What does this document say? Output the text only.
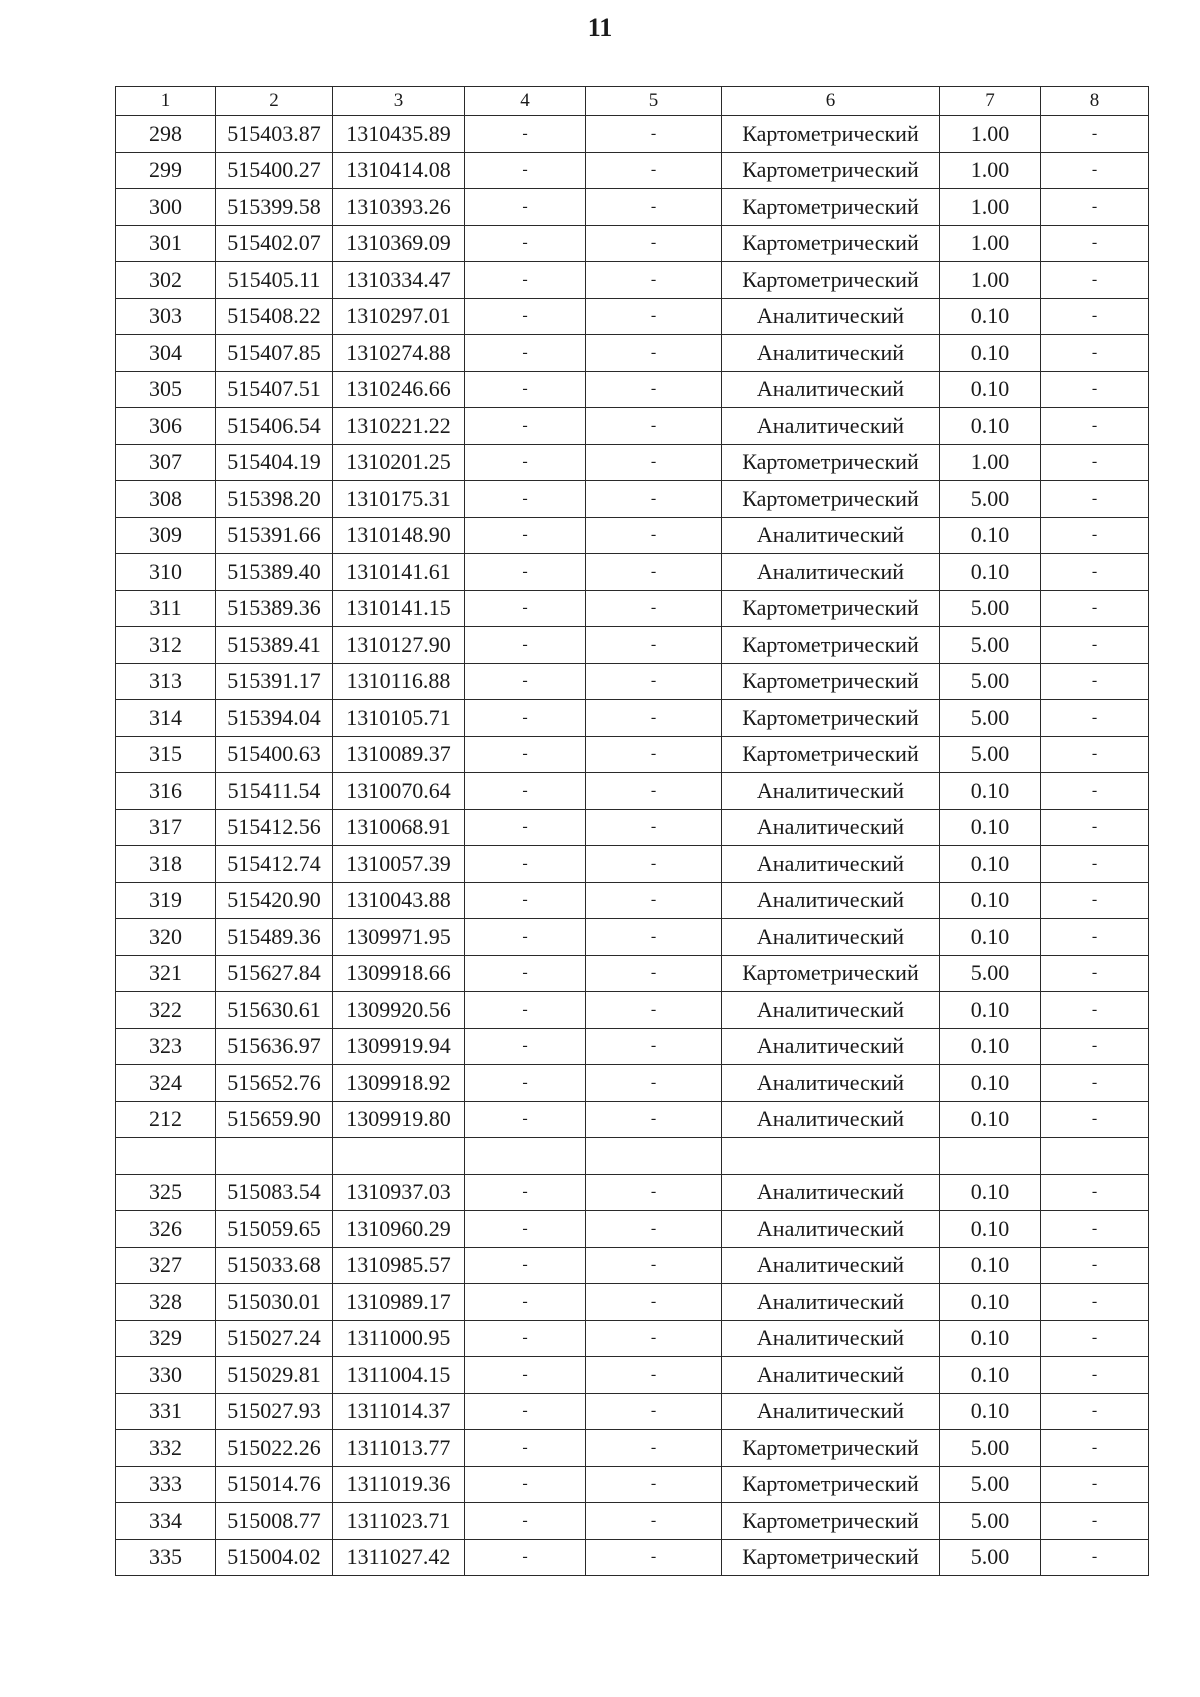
11
1	2	3	4	5	6	7	8
298	515403.87	1310435.89	-	-	Картометрический	1.00	-
299	515400.27	1310414.08	-	-	Картометрический	1.00	-
300	515399.58	1310393.26	-	-	Картометрический	1.00	-
301	515402.07	1310369.09	-	-	Картометрический	1.00	-
302	515405.11	1310334.47	-	-	Картометрический	1.00	-
303	515408.22	1310297.01	-	-	Аналитический	0.10	-
304	515407.85	1310274.88	-	-	Аналитический	0.10	-
305	515407.51	1310246.66	-	-	Аналитический	0.10	-
306	515406.54	1310221.22	-	-	Аналитический	0.10	-
307	515404.19	1310201.25	-	-	Картометрический	1.00	-
308	515398.20	1310175.31	-	-	Картометрический	5.00	-
309	515391.66	1310148.90	-	-	Аналитический	0.10	-
310	515389.40	1310141.61	-	-	Аналитический	0.10	-
311	515389.36	1310141.15	-	-	Картометрический	5.00	-
312	515389.41	1310127.90	-	-	Картометрический	5.00	-
313	515391.17	1310116.88	-	-	Картометрический	5.00	-
314	515394.04	1310105.71	-	-	Картометрический	5.00	-
315	515400.63	1310089.37	-	-	Картометрический	5.00	-
316	515411.54	1310070.64	-	-	Аналитический	0.10	-
317	515412.56	1310068.91	-	-	Аналитический	0.10	-
318	515412.74	1310057.39	-	-	Аналитический	0.10	-
319	515420.90	1310043.88	-	-	Аналитический	0.10	-
320	515489.36	1309971.95	-	-	Аналитический	0.10	-
321	515627.84	1309918.66	-	-	Картометрический	5.00	-
322	515630.61	1309920.56	-	-	Аналитический	0.10	-
323	515636.97	1309919.94	-	-	Аналитический	0.10	-
324	515652.76	1309918.92	-	-	Аналитический	0.10	-
212	515659.90	1309919.80	-	-	Аналитический	0.10	-

325	515083.54	1310937.03	-	-	Аналитический	0.10	-
326	515059.65	1310960.29	-	-	Аналитический	0.10	-
327	515033.68	1310985.57	-	-	Аналитический	0.10	-
328	515030.01	1310989.17	-	-	Аналитический	0.10	-
329	515027.24	1311000.95	-	-	Аналитический	0.10	-
330	515029.81	1311004.15	-	-	Аналитический	0.10	-
331	515027.93	1311014.37	-	-	Аналитический	0.10	-
332	515022.26	1311013.77	-	-	Картометрический	5.00	-
333	515014.76	1311019.36	-	-	Картометрический	5.00	-
334	515008.77	1311023.71	-	-	Картометрический	5.00	-
335	515004.02	1311027.42	-	-	Картометрический	5.00	-
